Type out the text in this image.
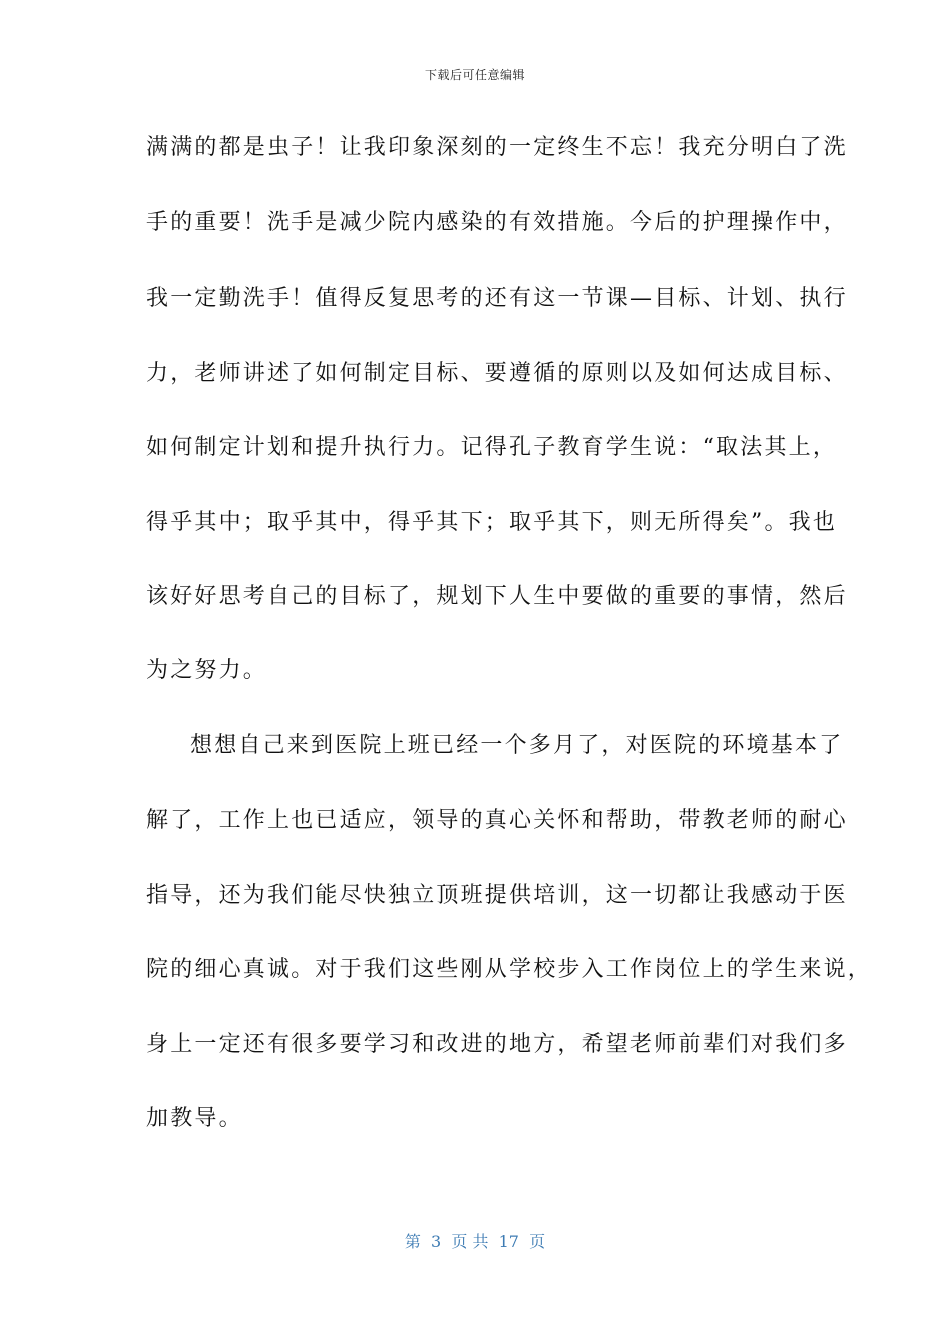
下载后可任意编辑
满满的都是虫子！让我印象深刻的一定终生不忘！我充分明白了洗
手的重要！洗手是减少院内感染的有效措施。今后的护理操作中，
我一定勤洗手！值得反复思考的还有这一节课—目标、计划、执行
力，老师讲述了如何制定目标、要遵循的原则以及如何达成目标、
如何制定计划和提升执行力。记得孔子教育学生说：“取法其上，
得乎其中；取乎其中，得乎其下；取乎其下，则无所得矣”。我也
该好好思考自己的目标了，规划下人生中要做的重要的事情，然后
为之努力。
想想自己来到医院上班已经一个多月了，对医院的环境基本了
解了，工作上也已适应，领导的真心关怀和帮助，带教老师的耐心
指导，还为我们能尽快独立顶班提供培训，这一切都让我感动于医
院的细心真诚。对于我们这些刚从学校步入工作岗位上的学生来说，
身上一定还有很多要学习和改进的地方，希望老师前辈们对我们多
加教导。
第  3  页 共  17  页
